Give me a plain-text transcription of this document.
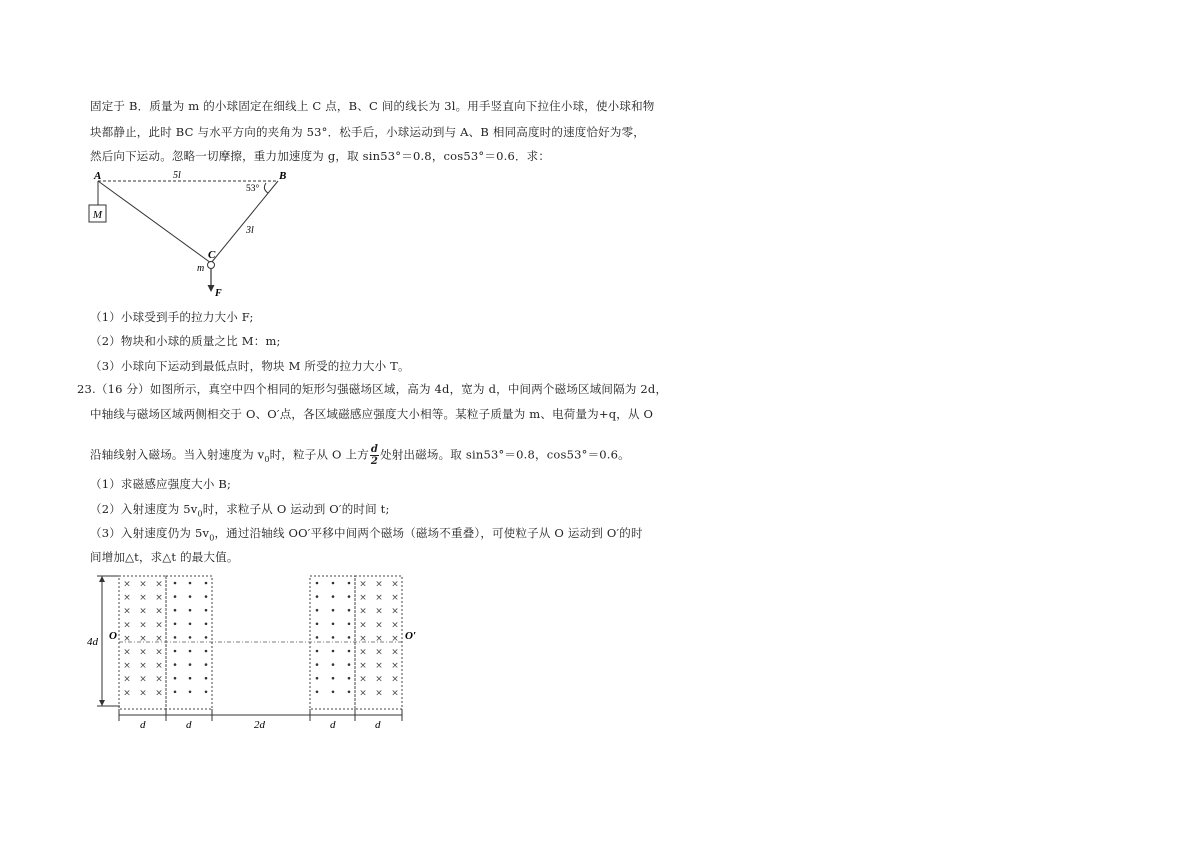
固定于 B．质量为 m 的小球固定在细线上 C 点，B、C 间的线长为 3l。用手竖直向下拉住小球，使小球和物
块都静止，此时 BC 与水平方向的夹角为 53°．松手后，小球运动到与 A、B 相同高度时的速度恰好为零，
然后向下运动。忽略一切摩擦，重力加速度为 g，取 sin53°＝0.8，cos53°＝0.6．求：
M
A	B
C
m
F
5l
3l
53°
（1）小球受到手的拉力大小 F;
（2）物块和小球的质量之比 M：m;
（3）小球向下运动到最低点时，物块 M 所受的拉力大小 T。
23.（16 分）如图所示，真空中四个相同的矩形匀强磁场区域，高为 4d，宽为 d，中间两个磁场区域间隔为 2d，
中轴线与磁场区域两侧相交于 O、O′点，各区域磁感应强度大小相等。某粒子质量为 m、电荷量为+q，从 O
沿轴线射入磁场。当入射速度为 $v_0$时，粒子从 O 上方 $\frac{d}{2}$ 处射出磁场。取 sin53°＝0.8，cos53°＝0.6。
（1）求磁感应强度大小 B;
（2）入射速度为 $5v_0$时，求粒子从 O 运动到 O′的时间 t;
（3）入射速度仍为 $5v_0$，通过沿轴线 OO′平移中间两个磁场（磁场不重叠），可使粒子从 O 运动到 O′的时
间增加△t，求△t 的最大值。
4d O	O′
× × ×
× × ×
× × ×
× × ×
× × ×
× × ×
× × ×
× × ×
× × ×
× × ×
× × ×
× × ×
× × ×
× × ×
× × ×
× × ×
× × ×
× × ×
d	d	2d	d	d
